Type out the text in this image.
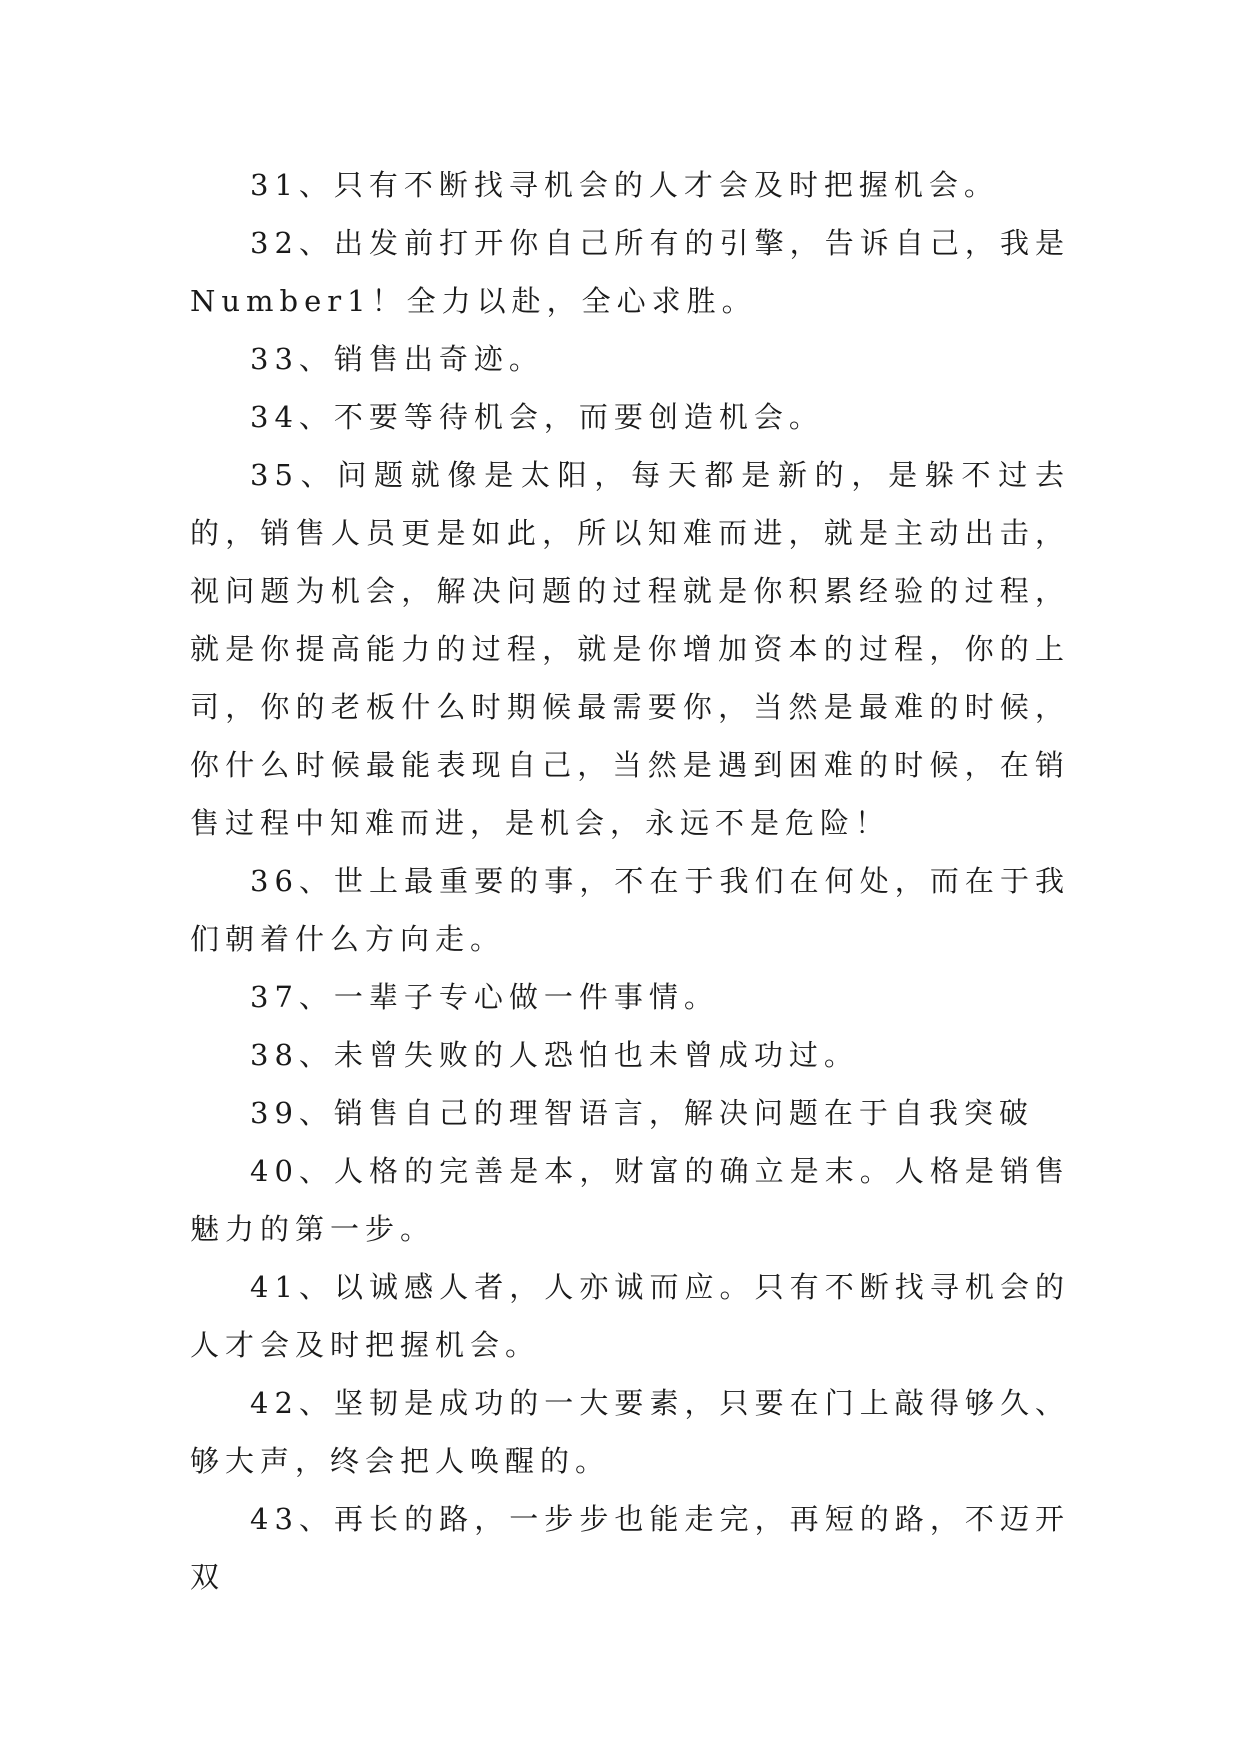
31、只有不断找寻机会的人才会及时把握机会。

32、出发前打开你自己所有的引擎，告诉自己，我是Number1！全力以赴，全心求胜。

33、销售出奇迹。

34、不要等待机会，而要创造机会。

35、问题就像是太阳，每天都是新的，是躲不过去的，销售人员更是如此，所以知难而进，就是主动出击，视问题为机会，解决问题的过程就是你积累经验的过程，就是你提高能力的过程，就是你增加资本的过程，你的上司，你的老板什么时期候最需要你，当然是最难的时候，你什么时候最能表现自己，当然是遇到困难的时候，在销售过程中知难而进，是机会，永远不是危险！

36、世上最重要的事，不在于我们在何处，而在于我们朝着什么方向走。

37、一辈子专心做一件事情。

38、未曾失败的人恐怕也未曾成功过。

39、销售自己的理智语言，解决问题在于自我突破

40、人格的完善是本，财富的确立是末。人格是销售魅力的第一步。

41、以诚感人者，人亦诚而应。只有不断找寻机会的人才会及时把握机会。

42、坚韧是成功的一大要素，只要在门上敲得够久、够大声，终会把人唤醒的。

43、再长的路，一步步也能走完，再短的路，不迈开双
